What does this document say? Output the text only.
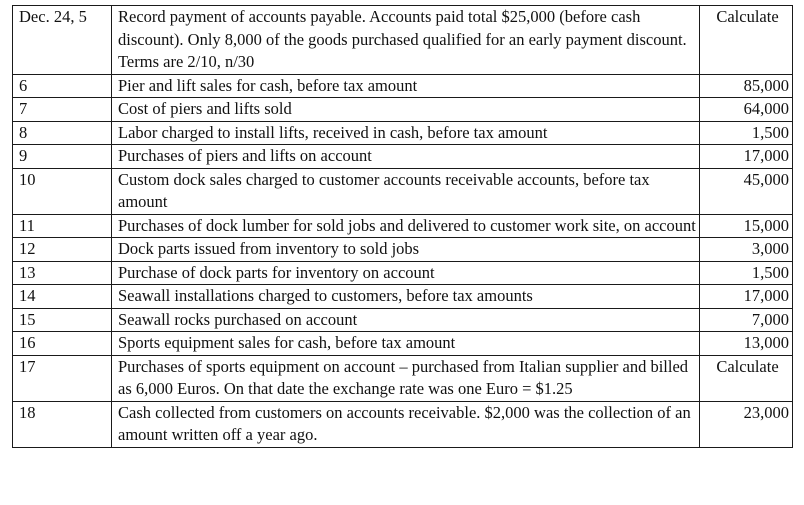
Dec. 24, 5	Record payment of accounts payable. Accounts paid total $25,000 (before cash discount). Only 8,000 of the goods purchased qualified for an early payment discount. Terms are 2/10, n/30	Calculate
6	Pier and lift sales for cash, before tax amount	85,000
7	Cost of piers and lifts sold	64,000
8	Labor charged to install lifts, received in cash, before tax amount	1,500
9	Purchases of piers and lifts on account	17,000
10	Custom dock sales charged to customer accounts receivable accounts, before tax amount	45,000
11	Purchases of dock lumber for sold jobs and delivered to customer work site, on account	15,000
12	Dock parts issued from inventory to sold jobs	3,000
13	Purchase of dock parts for inventory on account	1,500
14	Seawall installations charged to customers, before tax amounts	17,000
15	Seawall rocks purchased on account	7,000
16	Sports equipment sales for cash, before tax amount	13,000
17	Purchases of sports equipment on account – purchased from Italian supplier and billed as 6,000 Euros. On that date the exchange rate was one Euro = $1.25	Calculate
18	Cash collected from customers on accounts receivable. $2,000 was the collection of an amount written off a year ago.	23,000
